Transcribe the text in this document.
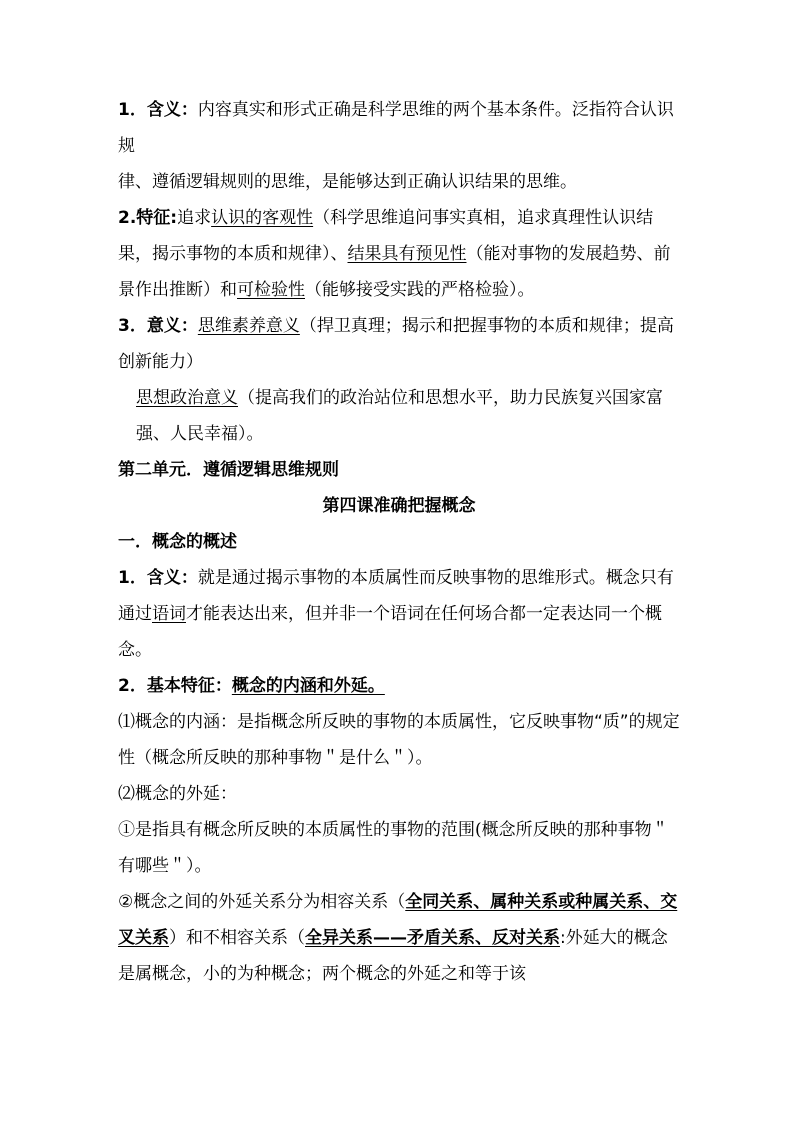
1．含义：内容真实和形式正确是科学思维的两个基本条件。泛指符合认识规
律、遵循逻辑规则的思维，是能够达到正确认识结果的思维。

2.特征:追求认识的客观性（科学思维追问事实真相，追求真理性认识结果，揭示事物的本质和规律）、结果具有预见性（能对事物的发展趋势、前景作出推断）和可检验性（能够接受实践的严格检验）。

3．意义：思维素养意义（捍卫真理；揭示和把握事物的本质和规律；提高创新能力）

思想政治意义（提高我们的政治站位和思想水平，助力民族复兴国家富强、人民幸福）。

第二单元．遵循逻辑思维规则

第四课准确把握概念

一．概念的概述

1．含义：就是通过揭示事物的本质属性而反映事物的思维形式。概念只有通过语词才能表达出来，但并非一个语词在任何场合都一定表达同一个概念。

2．基本特征：概念的内涵和外延。

⑴概念的内涵：是指概念所反映的事物的本质属性，它反映事物“质”的规定性（概念所反映的那种事物＂是什么＂）。

⑵概念的外延：

①是指具有概念所反映的本质属性的事物的范围(概念所反映的那种事物＂有哪些＂）。

②概念之间的外延关系分为相容关系（全同关系、属种关系或种属关系、交叉关系）和不相容关系（全异关系——矛盾关系、反对关系:外延大的概念是属概念，小的为种概念；两个概念的外延之和等于该
